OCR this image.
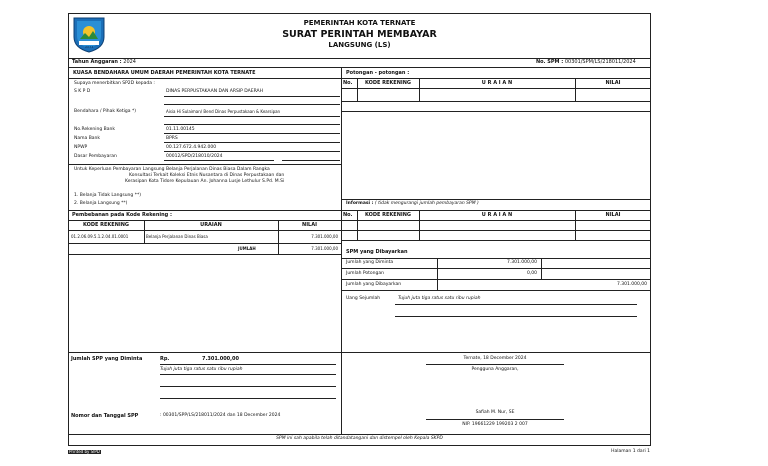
2024
PEMERINTAH KOTA TERNATE
SURAT PERINTAH MEMBAYAR
LANGSUNG (LS)
Tahun Anggaran : 2024	No. SPM : 00301/SPM/LS/218011/2024
KUASA BENDAHARA UMUM DAERAH PEMERINTAH KOTA TERNATE
Supaya menerbitkan SP2D kepada :
S K P D	DINAS PERPUSTAKAAN DAN ARSIP DAERAH
Bendahara / Pihak Ketiga *)	Aisia Hi Sulaiman/ Bend Dinas Perpustakaan & Kearsipan
No.Rekening Bank	01.11.00145
Nama Bank	BPRS
NPWP	00.127.672.4.942.000
Dasar Pembayaran	00012/SPD/218010/2024
Untuk Keperluan :
Pembayaran Langsung Belanja Perjalanan Dinas Biasa Dalam Rangka
Konsultasi Terkait Koleksi Etnis Nusantara di Dinas Perpustakaan dan
Kerasipan Kota Tidore Kepulauan An. Johanna Lusje Lethulur S.Pd. M.Si
1. Belanja Tidak Langsung **)
2. Belanja Langsung **)
Potongan - potongan :
No.	KODE REKENING	U R A I A N	NILAI
Informasi : ( tidak mengurangi jumlah pembayaran SPM )
No.	KODE REKENING	U R A I A N	NILAI
Pembebanan pada Kode Rekening :
KODE REKENING	URAIAN	NILAI
01.2.06.09.5.1.2.04.01.0001	Belanja Perjalanan Dinas Biasa	7.301.000,00
JUMLAH	7.301.000,00
SPM yang Dibayarkan
Jumlah yang Diminta	7.301.000,00
Jumlah Potongan	0,00
Jumlah yang Dibayarkan	7.301.000,00
Uang Sejumlah	Tujuh juta tiga ratus satu ribu rupiah
Jumlah SPP yang Diminta	Rp.	7.301.000,00
Tujuh juta tiga ratus satu ribu rupiah
Nomor dan Tanggal SPP	: 00301/SPP/LS/218011/2024 dan 18 December 2024
Ternate, 18 December 2024
Pengguna Anggaran,
Safiah M. Nur, SE
NIP. 19661229 199203 2 007
SPM ini sah apabila telah ditandatangani dan distempel oleh Kepala SKPD
Printed by SIPD	Halaman 1 dari 1
